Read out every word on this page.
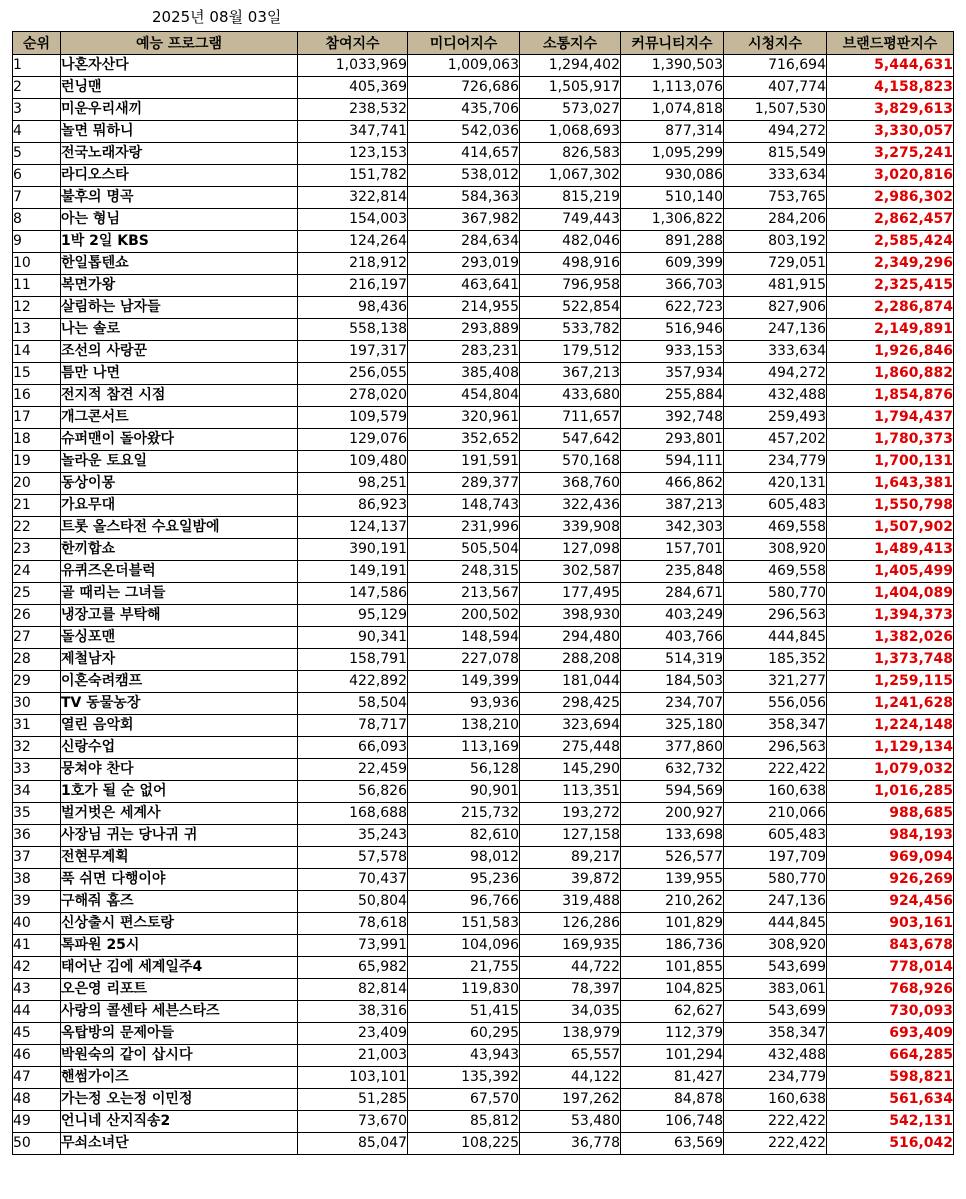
2025년 08월 03일
순위	예능 프로그램	참여지수	미디어지수	소통지수	커뮤니티지수	시청지수	브랜드평판지수
1	나혼자산다	1,033,969	1,009,063	1,294,402	1,390,503	716,694	5,444,631
2	런닝맨	405,369	726,686	1,505,917	1,113,076	407,774	4,158,823
3	미운우리새끼	238,532	435,706	573,027	1,074,818	1,507,530	3,829,613
4	놀면 뭐하니	347,741	542,036	1,068,693	877,314	494,272	3,330,057
5	전국노래자랑	123,153	414,657	826,583	1,095,299	815,549	3,275,241
6	라디오스타	151,782	538,012	1,067,302	930,086	333,634	3,020,816
7	불후의 명곡	322,814	584,363	815,219	510,140	753,765	2,986,302
8	아는 형님	154,003	367,982	749,443	1,306,822	284,206	2,862,457
9	1박 2일 KBS	124,264	284,634	482,046	891,288	803,192	2,585,424
10	한일톱텐쇼	218,912	293,019	498,916	609,399	729,051	2,349,296
11	복면가왕	216,197	463,641	796,958	366,703	481,915	2,325,415
12	살림하는 남자들	98,436	214,955	522,854	622,723	827,906	2,286,874
13	나는 솔로	558,138	293,889	533,782	516,946	247,136	2,149,891
14	조선의 사랑꾼	197,317	283,231	179,512	933,153	333,634	1,926,846
15	틈만 나면	256,055	385,408	367,213	357,934	494,272	1,860,882
16	전지적 참견 시점	278,020	454,804	433,680	255,884	432,488	1,854,876
17	개그콘서트	109,579	320,961	711,657	392,748	259,493	1,794,437
18	슈퍼맨이 돌아왔다	129,076	352,652	547,642	293,801	457,202	1,780,373
19	놀라운 토요일	109,480	191,591	570,168	594,111	234,779	1,700,131
20	동상이몽	98,251	289,377	368,760	466,862	420,131	1,643,381
21	가요무대	86,923	148,743	322,436	387,213	605,483	1,550,798
22	트롯 올스타전 수요일밤에	124,137	231,996	339,908	342,303	469,558	1,507,902
23	한끼합쇼	390,191	505,504	127,098	157,701	308,920	1,489,413
24	유퀴즈온더블럭	149,191	248,315	302,587	235,848	469,558	1,405,499
25	골 때리는 그녀들	147,586	213,567	177,495	284,671	580,770	1,404,089
26	냉장고를 부탁해	95,129	200,502	398,930	403,249	296,563	1,394,373
27	돌싱포맨	90,341	148,594	294,480	403,766	444,845	1,382,026
28	제철남자	158,791	227,078	288,208	514,319	185,352	1,373,748
29	이혼숙려캠프	422,892	149,399	181,044	184,503	321,277	1,259,115
30	TV 동물농장	58,504	93,936	298,425	234,707	556,056	1,241,628
31	열린 음악회	78,717	138,210	323,694	325,180	358,347	1,224,148
32	신랑수업	66,093	113,169	275,448	377,860	296,563	1,129,134
33	뭉쳐야 찬다	22,459	56,128	145,290	632,732	222,422	1,079,032
34	1호가 될 순 없어	56,826	90,901	113,351	594,569	160,638	1,016,285
35	벌거벗은 세계사	168,688	215,732	193,272	200,927	210,066	988,685
36	사장님 귀는 당나귀 귀	35,243	82,610	127,158	133,698	605,483	984,193
37	전현무계획	57,578	98,012	89,217	526,577	197,709	969,094
38	푹 쉬면 다행이야	70,437	95,236	39,872	139,955	580,770	926,269
39	구해줘 홈즈	50,804	96,766	319,488	210,262	247,136	924,456
40	신상출시 편스토랑	78,618	151,583	126,286	101,829	444,845	903,161
41	톡파원 25시	73,991	104,096	169,935	186,736	308,920	843,678
42	태어난 김에 세계일주4	65,982	21,755	44,722	101,855	543,699	778,014
43	오은영 리포트	82,814	119,830	78,397	104,825	383,061	768,926
44	사랑의 콜센타 세븐스타즈	38,316	51,415	34,035	62,627	543,699	730,093
45	옥탑방의 문제아들	23,409	60,295	138,979	112,379	358,347	693,409
46	박원숙의 같이 삽시다	21,003	43,943	65,557	101,294	432,488	664,285
47	핸썸가이즈	103,101	135,392	44,122	81,427	234,779	598,821
48	가는정 오는정 이민정	51,285	67,570	197,262	84,878	160,638	561,634
49	언니네 산지직송2	73,670	85,812	53,480	106,748	222,422	542,131
50	무쇠소녀단	85,047	108,225	36,778	63,569	222,422	516,042
